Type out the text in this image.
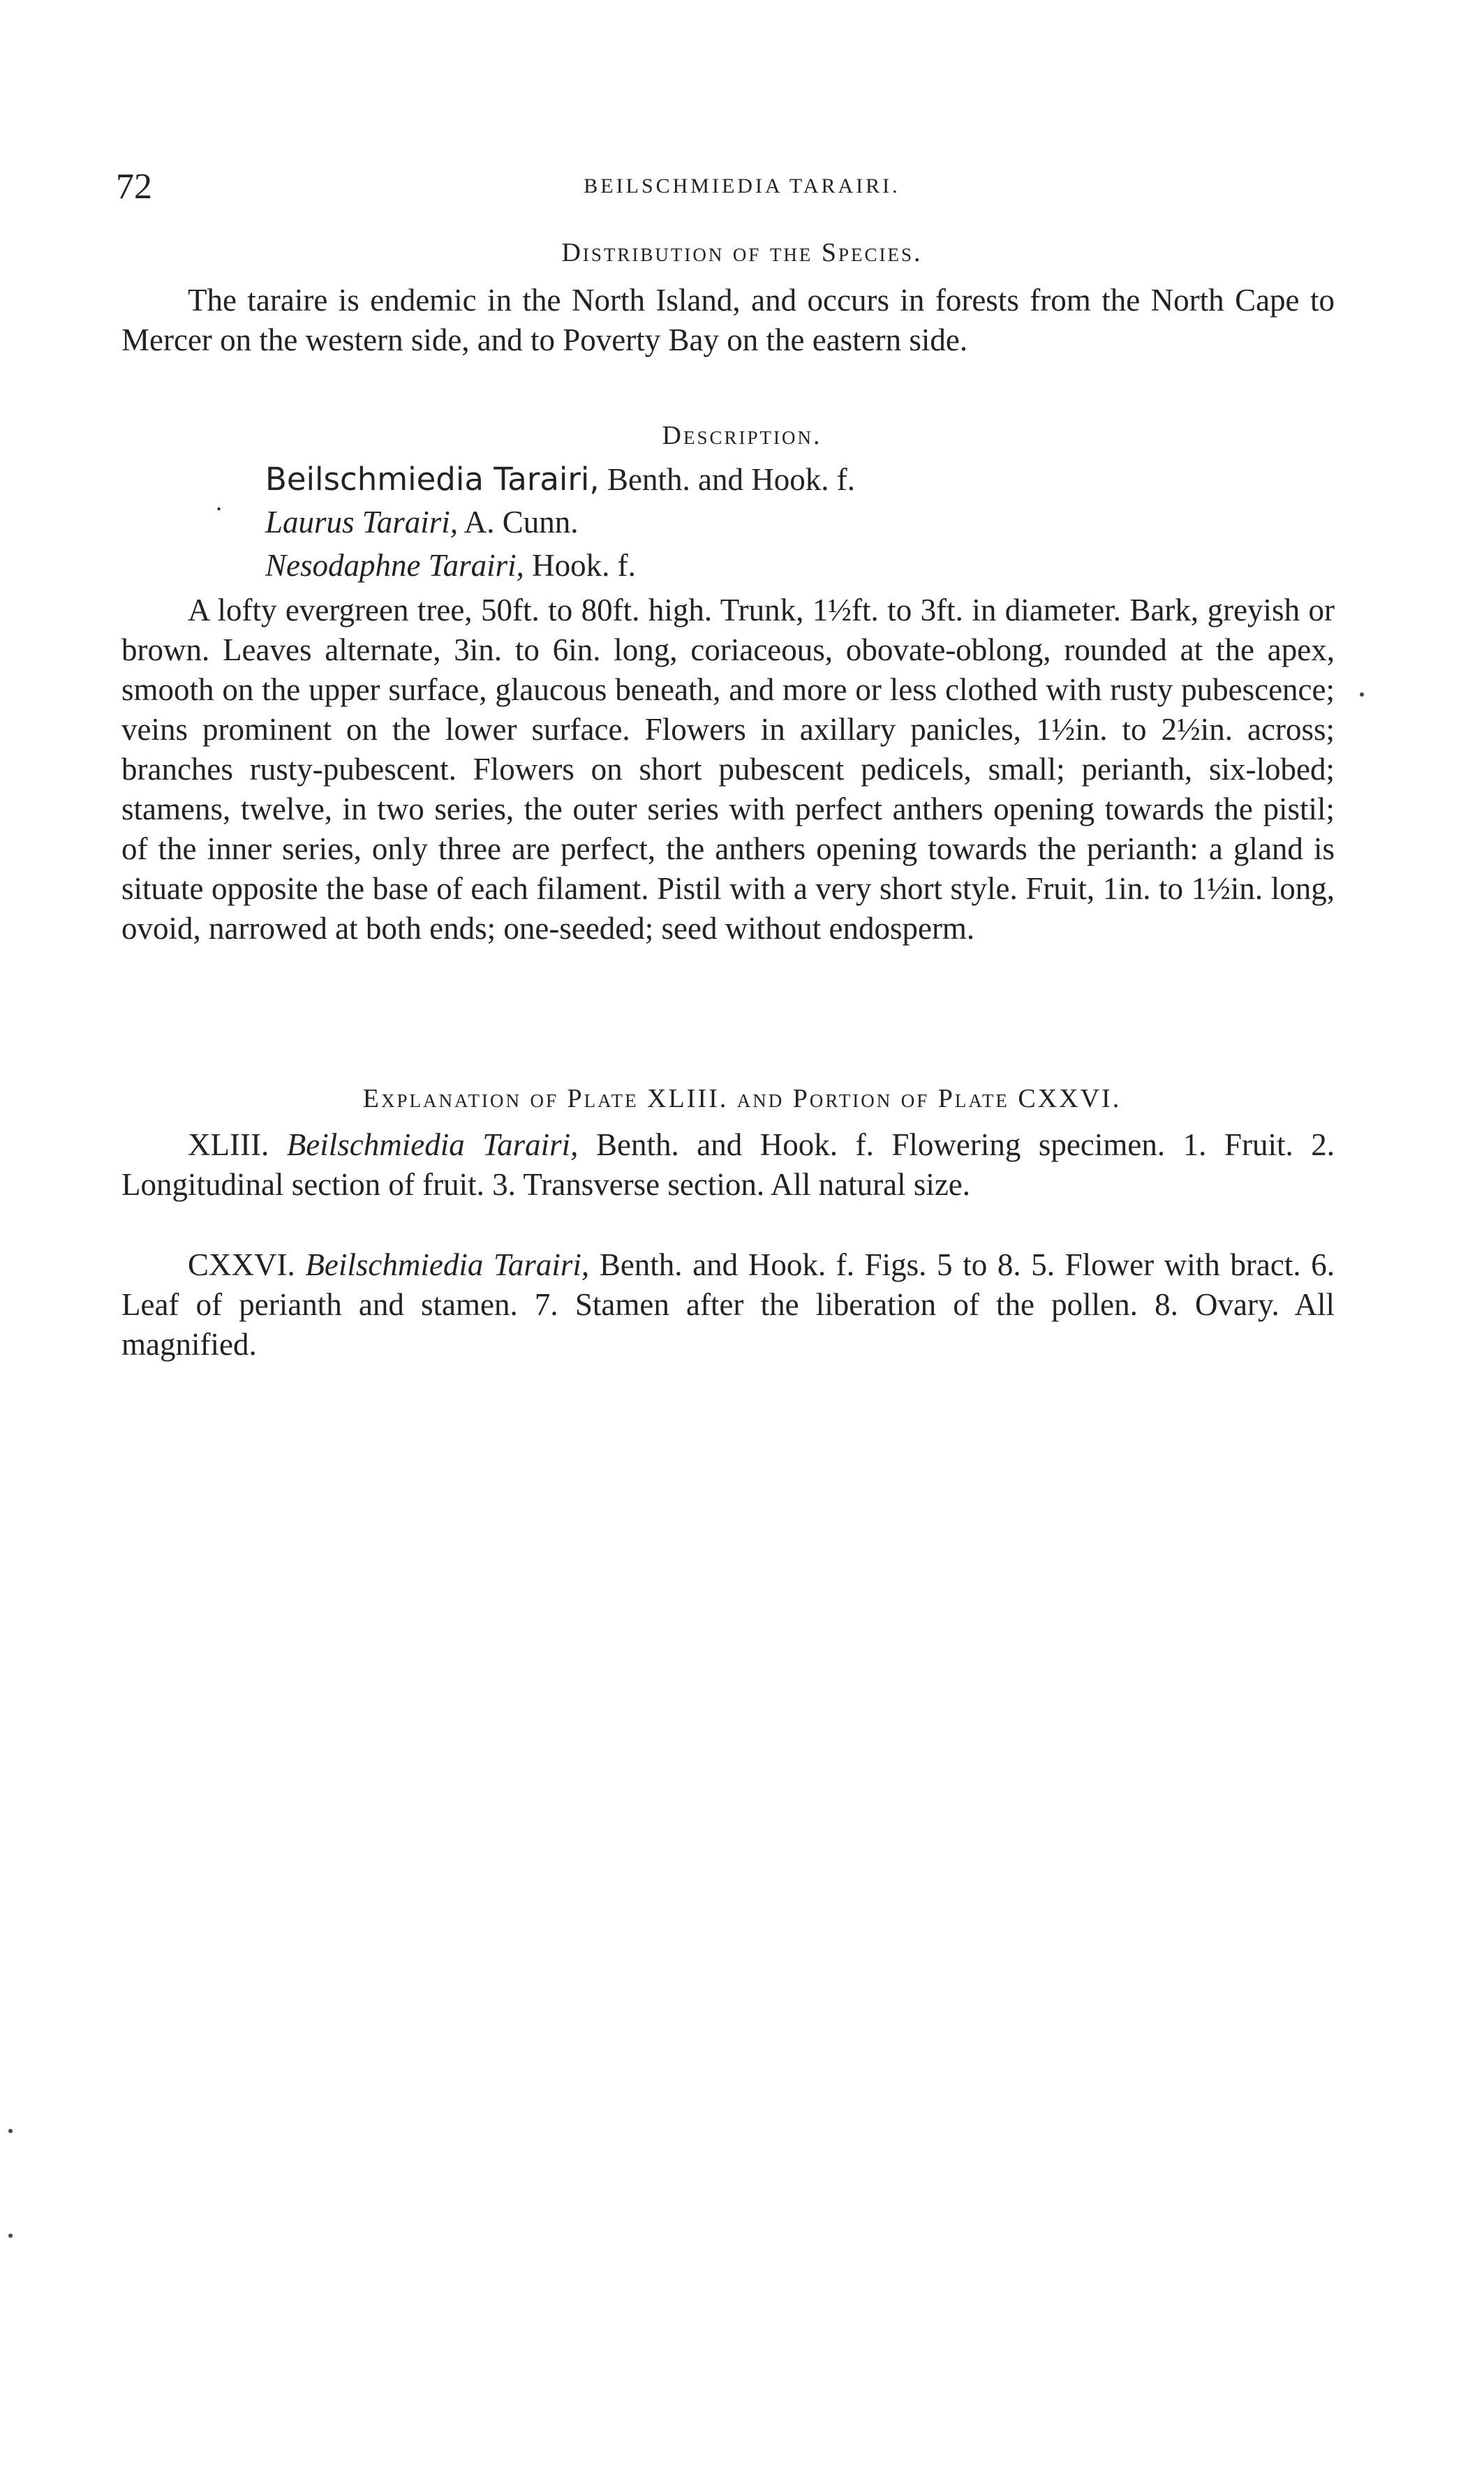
72	BEILSCHMIEDIA TARAIRI.
Distribution of the Species.

The taraire is endemic in the North Island, and occurs in forests from the North Cape to Mercer on the western side, and to Poverty Bay on the eastern side.

Description.
.
Beilschmiedia Tarairi, Benth. and Hook. f.
Laurus Tarairi, A. Cunn.
Nesodaphne Tarairi, Hook. f.

A lofty evergreen tree, 50ft. to 80ft. high. Trunk, 1½ft. to 3ft. in diameter. Bark, greyish or brown. Leaves alternate, 3in. to 6in. long, coriaceous, obovate-oblong, rounded at the apex, smooth on the upper surface, glaucous beneath, and more or less clothed with rusty pubescence; veins prominent on the lower surface. Flowers in axillary panicles, 1½in. to 2½in. across; branches rusty-pubescent. Flowers on short pubescent pedicels, small; perianth, six-lobed; stamens, twelve, in two series, the outer series with perfect anthers opening towards the pistil; of the inner series, only three are perfect, the anthers opening towards the perianth: a gland is situate opposite the base of each filament. Pistil with a very short style. Fruit, 1in. to 1½in. long, ovoid, narrowed at both ends; one-seeded; seed without endosperm.

Explanation of Plate XLIII. and Portion of Plate CXXVI.

XLIII. Beilschmiedia Tarairi, Benth. and Hook. f. Flowering specimen. 1. Fruit. 2. Longitudinal section of fruit. 3. Transverse section. All natural size.

CXXVI. Beilschmiedia Tarairi, Benth. and Hook. f. Figs. 5 to 8. 5. Flower with bract. 6. Leaf of perianth and stamen. 7. Stamen after the liberation of the pollen. 8. Ovary. All magnified.
